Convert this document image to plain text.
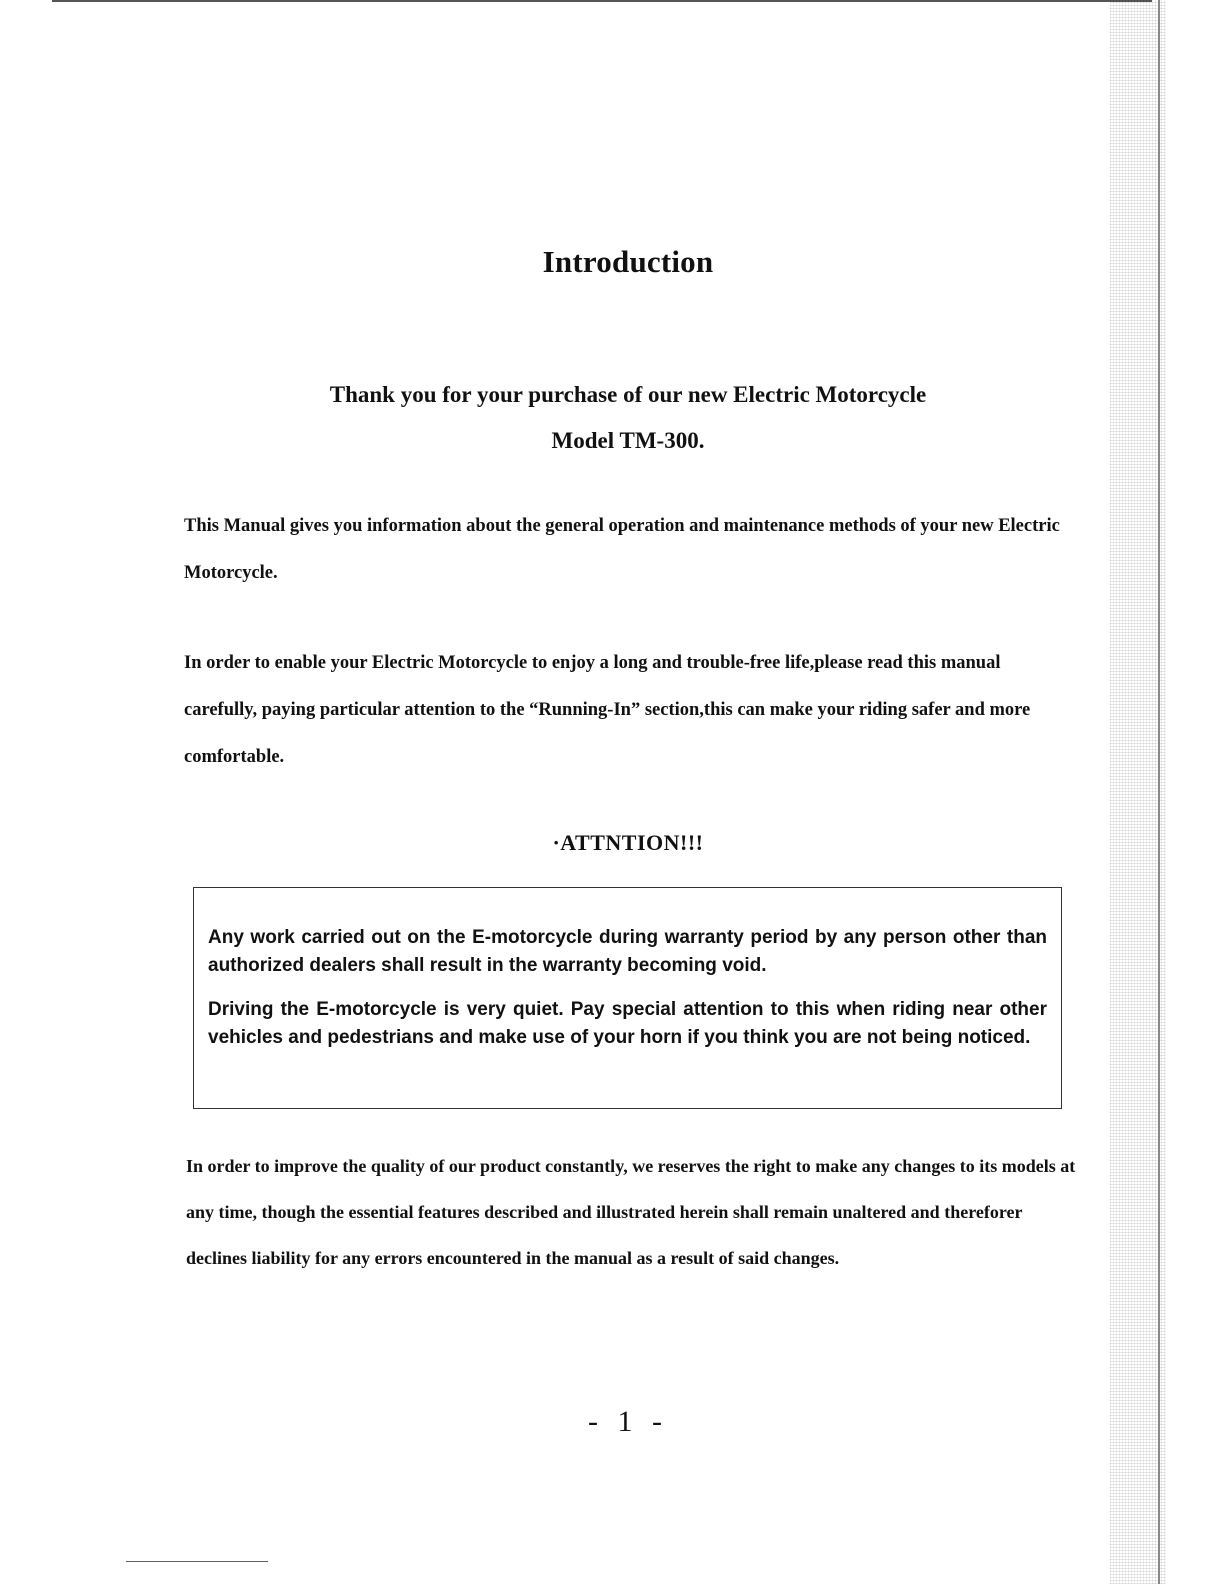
Introduction
Thank you for your purchase of our new Electric Motorcycle
Model TM-300.

This Manual gives you information about the general operation and maintenance methods of your new Electric Motorcycle.

In order to enable your Electric Motorcycle to enjoy a long and trouble-free life,please read this manual carefully, paying particular attention to the “Running-In” section,this can make your riding safer and more comfortable.

·ATTNTION!!!

Any work carried out on the E-motorcycle during warranty period by any person other than authorized dealers shall result in the warranty becoming void.

Driving the E-motorcycle is very quiet. Pay special attention to this when riding near other vehicles and pedestrians and make use of your horn if you think you are not being noticed.

In order to improve the quality of our product constantly, we reserves the right to make any changes to its models at any time, though the essential features described and illustrated herein shall remain unaltered and thereforer declines liability for any errors encountered in the manual as a result of said changes.

- 1 -
